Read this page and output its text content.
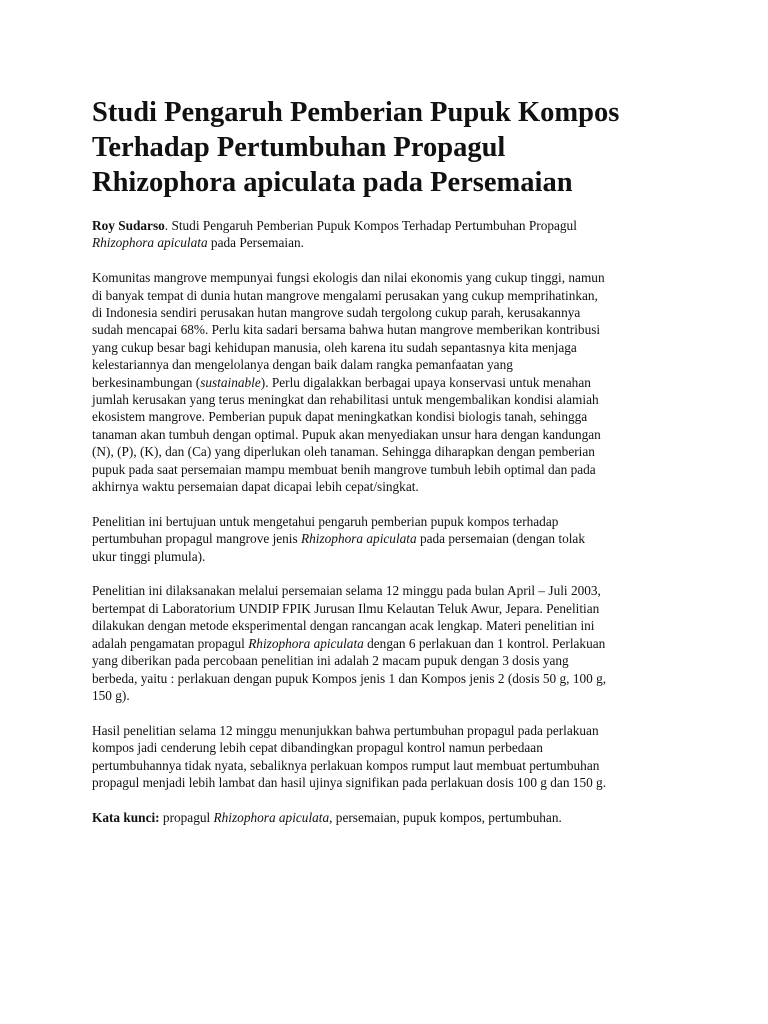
Studi Pengaruh Pemberian Pupuk Kompos
Terhadap Pertumbuhan Propagul
Rhizophora apiculata pada Persemaian

Roy Sudarso. Studi Pengaruh Pemberian Pupuk Kompos Terhadap Pertumbuhan Propagul
Rhizophora apiculata pada Persemaian.

Komunitas mangrove mempunyai fungsi ekologis dan nilai ekonomis yang cukup tinggi, namun
di banyak tempat di dunia hutan mangrove mengalami perusakan yang cukup memprihatinkan,
di Indonesia sendiri perusakan hutan mangrove sudah tergolong cukup parah, kerusakannya
sudah mencapai 68%. Perlu kita sadari bersama bahwa hutan mangrove memberikan kontribusi
yang cukup besar bagi kehidupan manusia, oleh karena itu sudah sepantasnya kita menjaga
kelestariannya dan mengelolanya dengan baik dalam rangka pemanfaatan yang
berkesinambungan (sustainable). Perlu digalakkan berbagai upaya konservasi untuk menahan
jumlah kerusakan yang terus meningkat dan rehabilitasi untuk mengembalikan kondisi alamiah
ekosistem mangrove. Pemberian pupuk dapat meningkatkan kondisi biologis tanah, sehingga
tanaman akan tumbuh dengan optimal. Pupuk akan menyediakan unsur hara dengan kandungan
(N), (P), (K), dan (Ca) yang diperlukan oleh tanaman. Sehingga diharapkan dengan pemberian
pupuk pada saat persemaian mampu membuat benih mangrove tumbuh lebih optimal dan pada
akhirnya waktu persemaian dapat dicapai lebih cepat/singkat.

Penelitian ini bertujuan untuk mengetahui pengaruh pemberian pupuk kompos terhadap
pertumbuhan propagul mangrove jenis Rhizophora apiculata pada persemaian (dengan tolak
ukur tinggi plumula).

Penelitian ini dilaksanakan melalui persemaian selama 12 minggu pada bulan April – Juli 2003,
bertempat di Laboratorium UNDIP FPIK Jurusan Ilmu Kelautan Teluk Awur, Jepara. Penelitian
dilakukan dengan metode eksperimental dengan rancangan acak lengkap. Materi penelitian ini
adalah pengamatan propagul Rhizophora apiculata dengan 6 perlakuan dan 1 kontrol. Perlakuan
yang diberikan pada percobaan penelitian ini adalah 2 macam pupuk dengan 3 dosis yang
berbeda, yaitu : perlakuan dengan pupuk Kompos jenis 1 dan Kompos jenis 2 (dosis 50 g, 100 g,
150 g).

Hasil penelitian selama 12 minggu menunjukkan bahwa pertumbuhan propagul pada perlakuan
kompos jadi cenderung lebih cepat dibandingkan propagul kontrol namun perbedaan
pertumbuhannya tidak nyata, sebaliknya perlakuan kompos rumput laut membuat pertumbuhan
propagul menjadi lebih lambat dan hasil ujinya signifikan pada perlakuan dosis 100 g dan 150 g.

Kata kunci: propagul Rhizophora apiculata, persemaian, pupuk kompos, pertumbuhan.
